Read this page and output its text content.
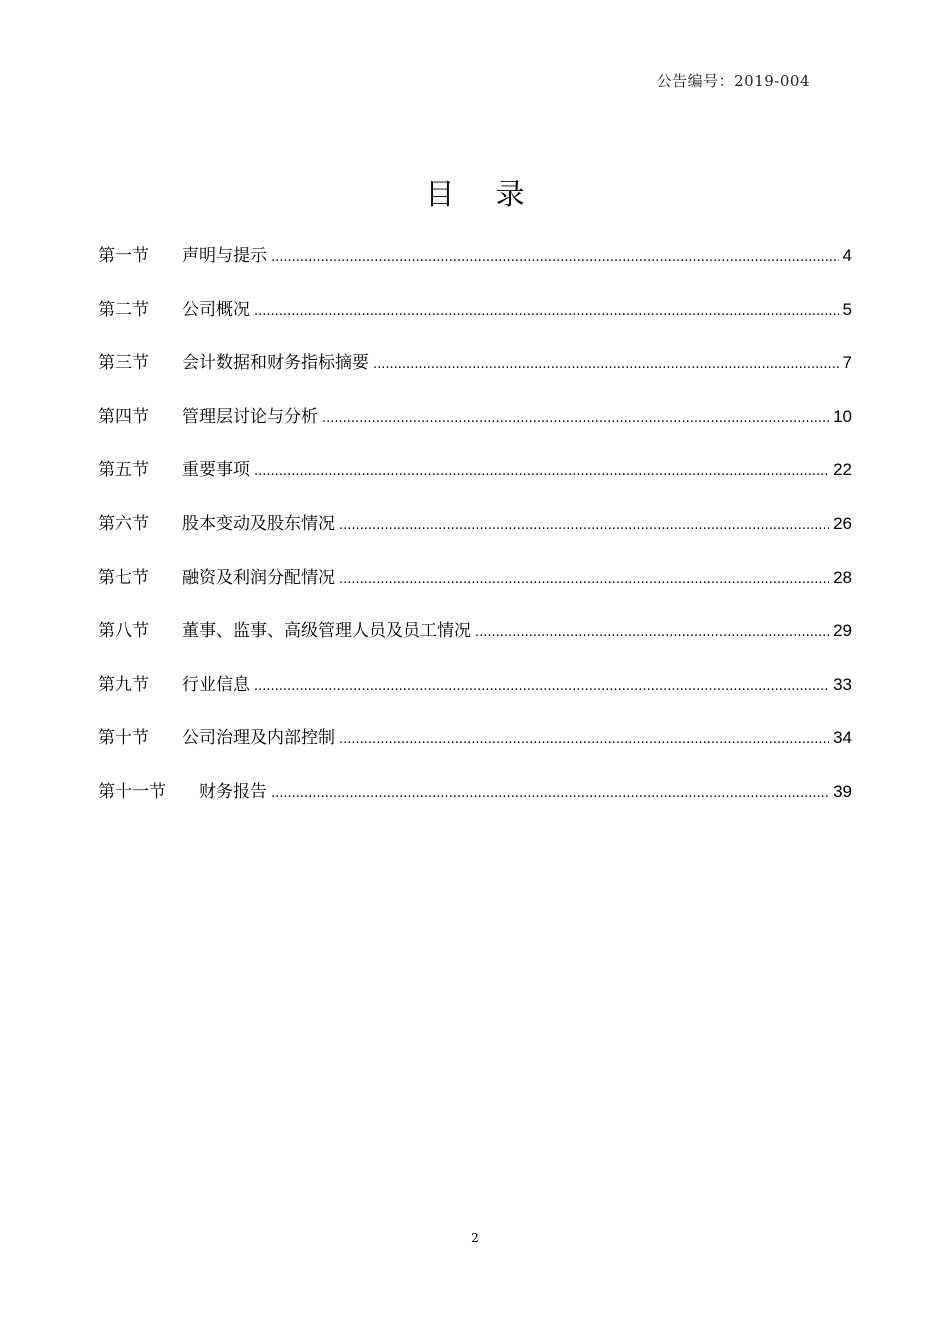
公告编号：2019-004
目 录
第一节	声明与提示 .....	4
第二节	公司概况 .....	5
第三节	会计数据和财务指标摘要 .....	7
第四节	管理层讨论与分析 .....	10
第五节	重要事项 .....	22
第六节	股本变动及股东情况 .....	26
第七节	融资及利润分配情况 .....	28
第八节	董事、监事、高级管理人员及员工情况 .....	29
第九节	行业信息 .....	33
第十节	公司治理及内部控制 .....	34
第十一节	财务报告 .....	39
2
